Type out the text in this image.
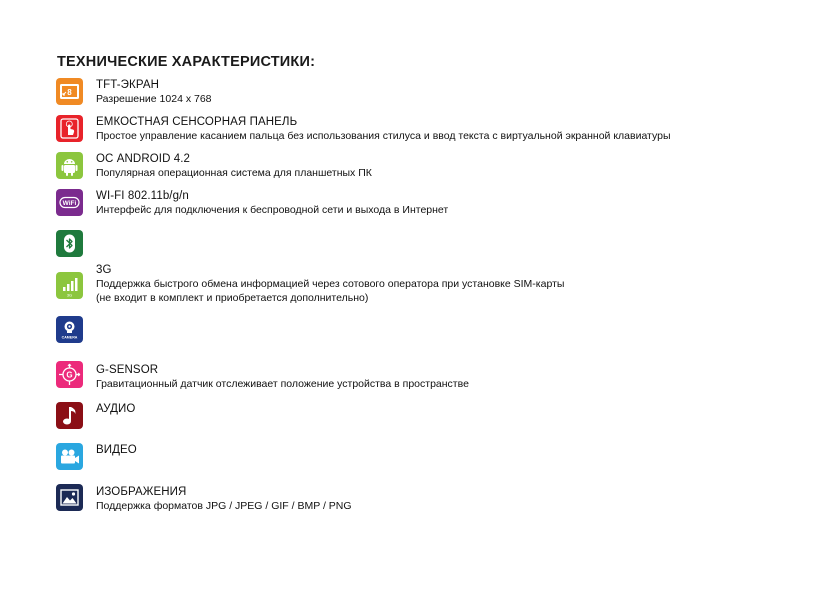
ТЕХНИЧЕСКИЕ ХАРАКТЕРИСТИКИ:
8
TFT-ЭКРАН
Разрешение 1024 х 768
ЕМКОСТНАЯ СЕНСОРНАЯ ПАНЕЛЬ
Простое управление касанием пальца без использования стилуса и ввод текста с виртуальной экранной клавиатуры
ОС ANDROID 4.2
Популярная операционная система для планшетных ПК
WiFi
WI-FI 802.11b/g/n
Интерфейс для подключения к беспроводной сети и выхода в Интернет
3G
3G
Поддержка быстрого обмена информацией через сотового оператора при установке SIM-карты
(не входит в комплект и приобретается дополнительно)
CAMERA
G G-SENSOR
Гравитационный датчик отслеживает положение устройства в пространстве
АУДИО
ВИДЕО
ИЗОБРАЖЕНИЯ
Поддержка форматов JPG / JPEG / GIF / BMP / PNG
